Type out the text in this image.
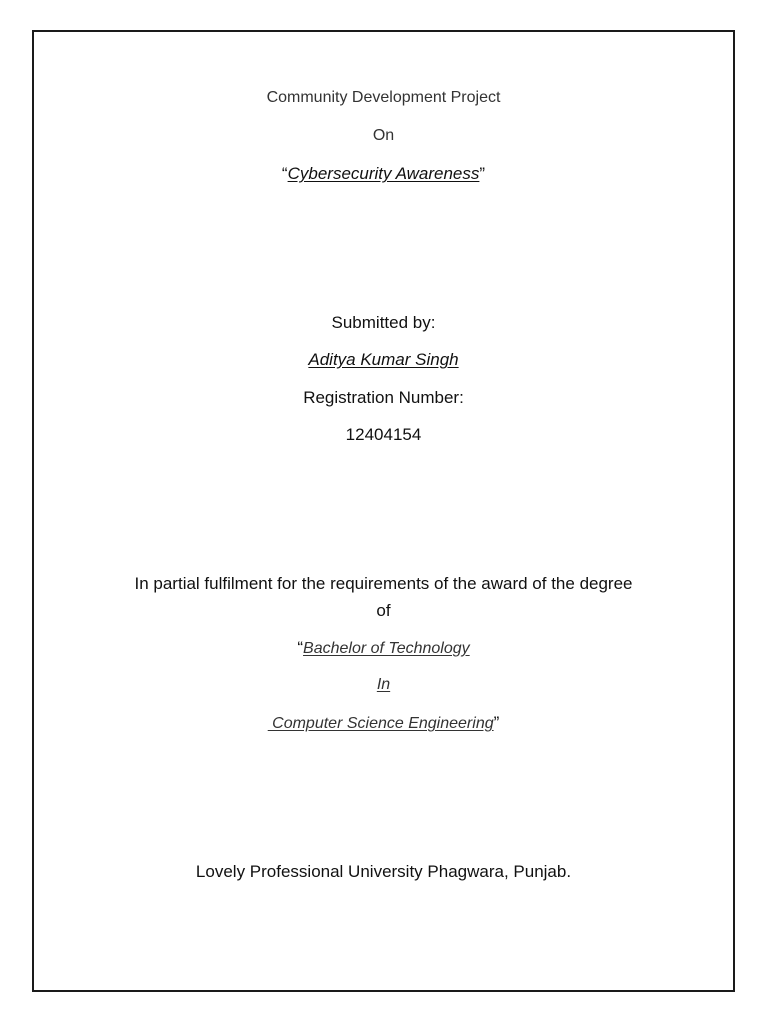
Community Development Project
On
“Cybersecurity Awareness”
Submitted by:
Aditya Kumar Singh
Registration Number:
12404154
In partial fulfilment for the requirements of the award of the degree
of
“Bachelor of Technology
In
Computer Science Engineering”
Lovely Professional University Phagwara, Punjab.
